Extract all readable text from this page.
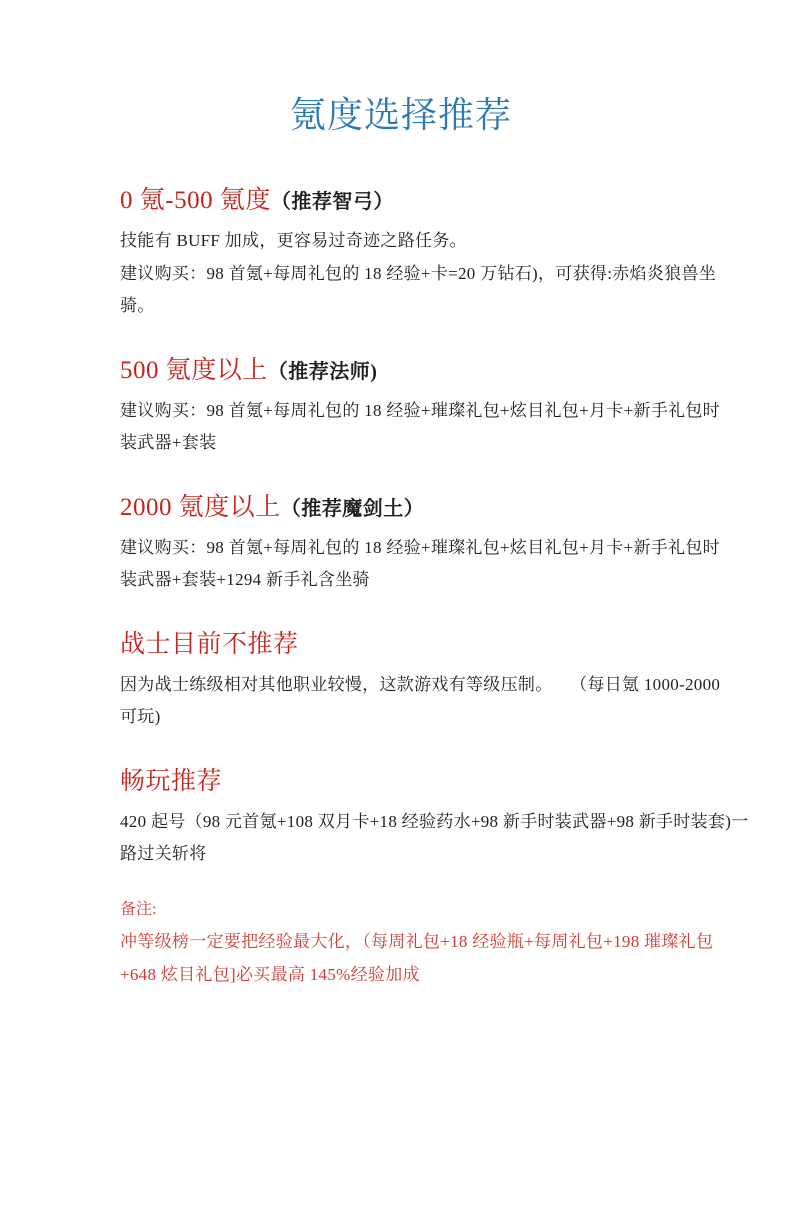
氪度选择推荐
0 氪-500 氪度（推荐智弓）
技能有 BUFF 加成，更容易过奇迹之路任务。
建议购买：98 首氪+每周礼包的 18 经验+卡=20 万钻石)，可获得:赤焰炎狼兽坐
骑。
500 氪度以上（推荐法师)
建议购买：98 首氪+每周礼包的 18 经验+璀璨礼包+炫目礼包+月卡+新手礼包时
装武器+套装
2000 氪度以上（推荐魔剑土）
建议购买：98 首氪+每周礼包的 18 经验+璀璨礼包+炫目礼包+月卡+新手礼包时
装武器+套装+1294 新手礼含坐骑
战士目前不推荐
因为战士练级相对其他职业较慢，这款游戏有等级压制。　　（每日氪 1000-2000
可玩)
畅玩推荐
420 起号（98 元首氪+108 双月卡+18 经验药水+98 新手时装武器+98 新手时装套)一
路过关斩将
备注:
冲等级榜一定要把经验最大化，（每周礼包+18 经验瓶+每周礼包+198 璀璨礼包
+648 炫目礼包]必买最高 145%经验加成
